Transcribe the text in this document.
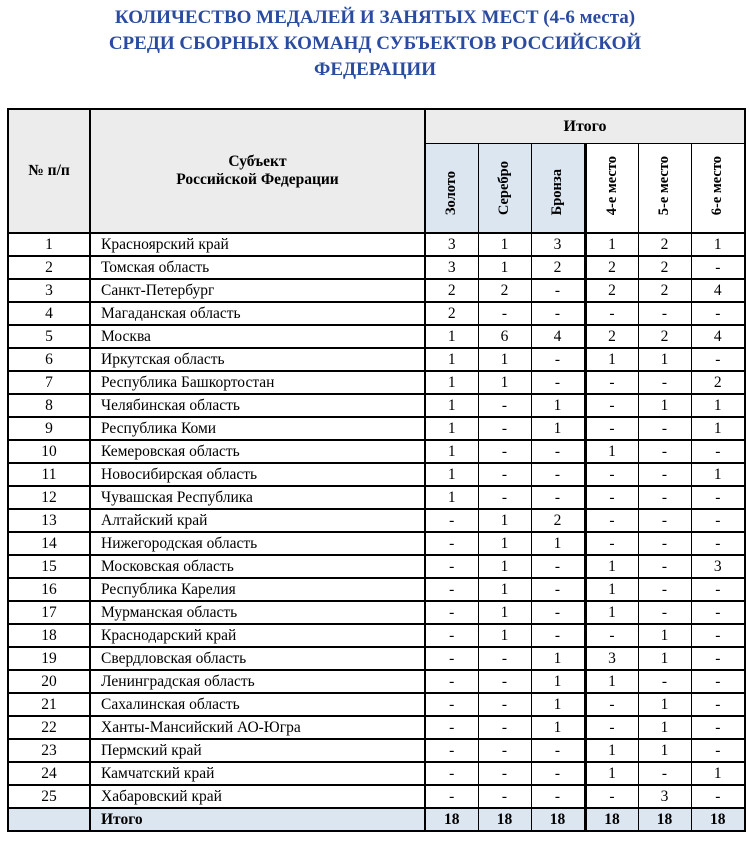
КОЛИЧЕСТВО МЕДАЛЕЙ И ЗАНЯТЫХ МЕСТ (4-6 места)
СРЕДИ СБОРНЫХ КОМАНД СУБЪЕКТОВ РОССИЙСКОЙ
ФЕДЕРАЦИИ
№ п/п	Субъект
Российской Федерации	Итого					
		Золото	Серебро	Бронза	4-е место	5-е место	6-е место
1	Красноярский край	3	1	3	1	2	1
2	Томская область	3	1	2	2	2	-
3	Санкт-Петербург	2	2	-	2	2	4
4	Магаданская область	2	-	-	-	-	-
5	Москва	1	6	4	2	2	4
6	Иркутская область	1	1	-	1	1	-
7	Республика Башкортостан	1	1	-	-	-	2
8	Челябинская область	1	-	1	-	1	1
9	Республика Коми	1	-	1	-	-	1
10	Кемеровская область	1	-	-	1	-	-
11	Новосибирская область	1	-	-	-	-	1
12	Чувашская Республика	1	-	-	-	-	-
13	Алтайский край	-	1	2	-	-	-
14	Нижегородская область	-	1	1	-	-	-
15	Московская область	-	1	-	1	-	3
16	Республика Карелия	-	1	-	1	-	-
17	Мурманская область	-	1	-	1	-	-
18	Краснодарский край	-	1	-	-	1	-
19	Свердловская область	-	-	1	3	1	-
20	Ленинградская область	-	-	1	1	-	-
21	Сахалинская область	-	-	1	-	1	-
22	Ханты-Мансийский АО-Югра	-	-	1	-	1	-
23	Пермский край	-	-	-	1	1	-
24	Камчатский край	-	-	-	1	-	1
25	Хабаровский край	-	-	-	-	3	-
	Итого	18	18	18	18	18	18
